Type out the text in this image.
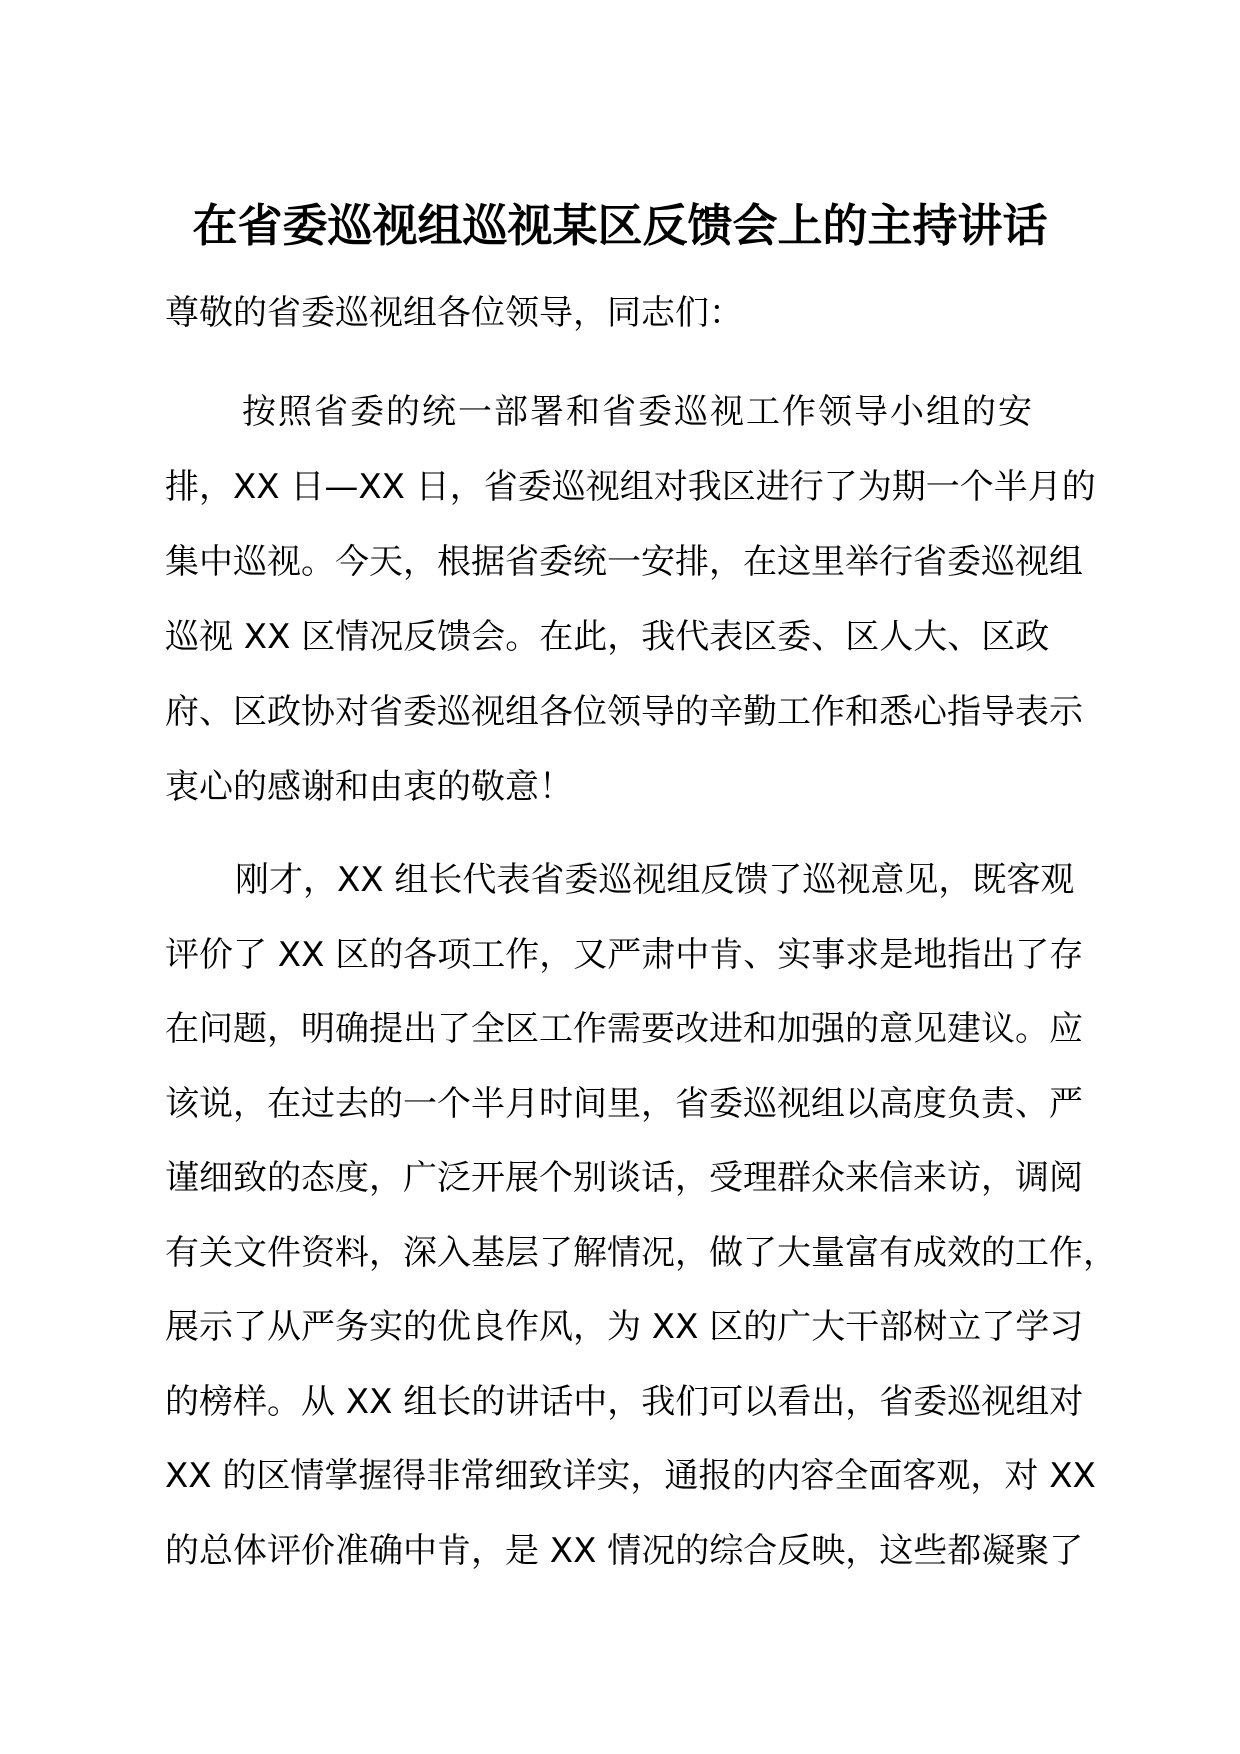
在省委巡视组巡视某区反馈会上的主持讲话

尊敬的省委巡视组各位领导，同志们：

按照省委的统一部署和省委巡视工作领导小组的安
排，XX 日—XX 日，省委巡视组对我区进行了为期一个半月的
集中巡视。今天，根据省委统一安排，在这里举行省委巡视组
巡视 XX 区情况反馈会。在此，我代表区委、区人大、区政
府、区政协对省委巡视组各位领导的辛勤工作和悉心指导表示
衷心的感谢和由衷的敬意！
刚才，XX 组长代表省委巡视组反馈了巡视意见，既客观
评价了 XX 区的各项工作，又严肃中肯、实事求是地指出了存
在问题，明确提出了全区工作需要改进和加强的意见建议。应
该说，在过去的一个半月时间里，省委巡视组以高度负责、严
谨细致的态度，广泛开展个别谈话，受理群众来信来访，调阅
有关文件资料，深入基层了解情况，做了大量富有成效的工作，
展示了从严务实的优良作风，为 XX 区的广大干部树立了学习
的榜样。从 XX 组长的讲话中，我们可以看出，省委巡视组对
XX 的区情掌握得非常细致详实，通报的内容全面客观，对 XX
的总体评价准确中肯，是 XX 情况的综合反映，这些都凝聚了
